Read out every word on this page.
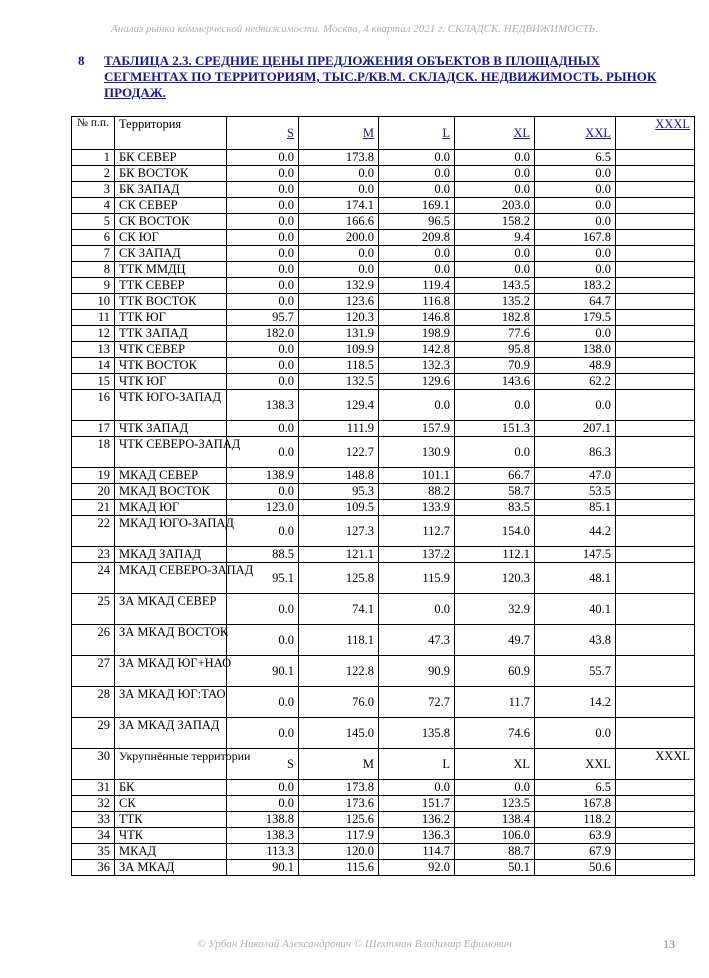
Анализ рынка коммерческой недвижимости. Москва, 4 квартал 2021 г. СКЛАДСК. НЕДВИЖИМОСТЬ.
8 ТАБЛИЦА 2.3. СРЕДНИЕ ЦЕНЫ ПРЕДЛОЖЕНИЯ ОБЪЕКТОВ В ПЛОЩАДНЫХ СЕГМЕНТАХ ПО ТЕРРИТОРИЯМ, ТЫС.Р/КВ.М. СКЛАДСК. НЕДВИЖИМОСТЬ. РЫНОК ПРОДАЖ.
№ п.п.	Территория	S	M	L	XL	XXL	XXXL
1	БК СЕВЕР	0.0	173.8	0.0	0.0	6.5	
2	БК ВОСТОК	0.0	0.0	0.0	0.0	0.0	
3	БК ЗАПАД	0.0	0.0	0.0	0.0	0.0	
4	СК СЕВЕР	0.0	174.1	169.1	203.0	0.0	
5	СК ВОСТОК	0.0	166.6	96.5	158.2	0.0	
6	СК ЮГ	0.0	200.0	209.8	9.4	167.8	
7	СК ЗАПАД	0.0	0.0	0.0	0.0	0.0	
8	ТТК ММДЦ	0.0	0.0	0.0	0.0	0.0	
9	ТТК СЕВЕР	0.0	132.9	119.4	143.5	183.2	
10	ТТК ВОСТОК	0.0	123.6	116.8	135.2	64.7	
11	ТТК ЮГ	95.7	120.3	146.8	182.8	179.5	
12	ТТК ЗАПАД	182.0	131.9	198.9	77.6	0.0	
13	ЧТК СЕВЕР	0.0	109.9	142.8	95.8	138.0	
14	ЧТК ВОСТОК	0.0	118.5	132.3	70.9	48.9	
15	ЧТК ЮГ	0.0	132.5	129.6	143.6	62.2	
16	ЧТК ЮГО-ЗАПАД	138.3	129.4	0.0	0.0	0.0	
17	ЧТК ЗАПАД	0.0	111.9	157.9	151.3	207.1	
18	ЧТК СЕВЕРО-ЗАПАД	0.0	122.7	130.9	0.0	86.3	
19	МКАД СЕВЕР	138.9	148.8	101.1	66.7	47.0	
20	МКАД ВОСТОК	0.0	95.3	88.2	58.7	53.5	
21	МКАД ЮГ	123.0	109.5	133.9	83.5	85.1	
22	МКАД ЮГО-ЗАПАД	0.0	127.3	112.7	154.0	44.2	
23	МКАД ЗАПАД	88.5	121.1	137.2	112.1	147.5	
24	МКАД СЕВЕРО-ЗАПАД	95.1	125.8	115.9	120.3	48.1	
25	ЗА МКАД СЕВЕР	0.0	74.1	0.0	32.9	40.1	
26	ЗА МКАД ВОСТОК	0.0	118.1	47.3	49.7	43.8	
27	ЗА МКАД ЮГ+НАО	90.1	122.8	90.9	60.9	55.7	
28	ЗА МКАД ЮГ:ТАО	0.0	76.0	72.7	11.7	14.2	
29	ЗА МКАД ЗАПАД	0.0	145.0	135.8	74.6	0.0	
30	Укрупнённые территории	S	M	L	XL	XXL	XXXL
31	БК	0.0	173.8	0.0	0.0	6.5	
32	СК	0.0	173.6	151.7	123.5	167.8	
33	ТТК	138.8	125.6	136.2	138.4	118.2	
34	ЧТК	138.3	117.9	136.3	106.0	63.9	
35	МКАД	113.3	120.0	114.7	88.7	67.9	
36	ЗА МКАД	90.1	115.6	92.0	50.1	50.6	
© Урбан Николай Александрович © Шехтман Владимир Ефимович	13
